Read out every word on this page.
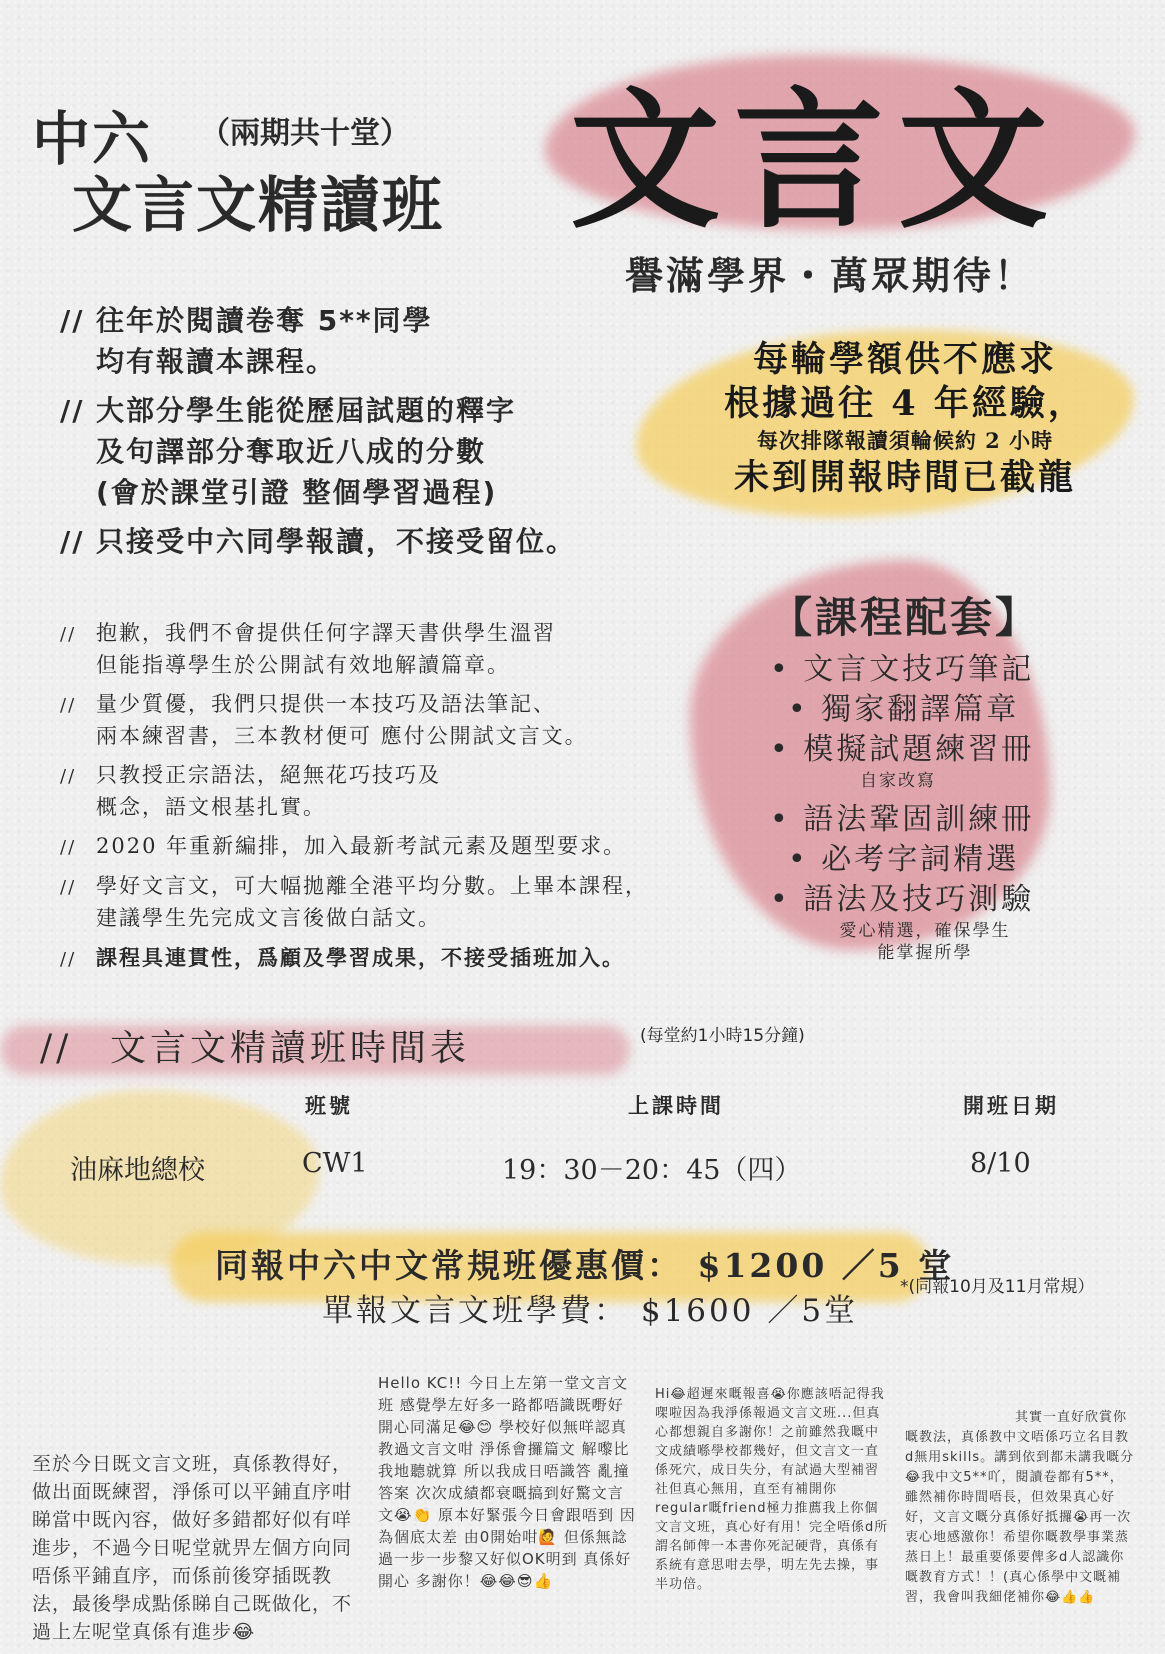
中六 （兩期共十堂）
文言文精讀班 文言文
譽滿學界・萬眾期待！
// 往年於閱讀卷奪 5**同學
均有報讀本課程。
// 大部分學生能從歷屆試題的釋字
及句譯部分奪取近八成的分數
(會於課堂引證 整個學習過程)
// 只接受中六同學報讀，不接受留位。
每輪學額供不應求
根據過往 4 年經驗，
每次排隊報讀須輪候約 2 小時
未到開報時間已截龍
// 抱歉，我們不會提供任何字譯天書供學生溫習
但能指導學生於公開試有效地解讀篇章。
// 量少質優，我們只提供一本技巧及語法筆記、
兩本練習書，三本教材便可 應付公開試文言文。
// 只教授正宗語法，絕無花巧技巧及
概念，語文根基扎實。
// 2020 年重新編排，加入最新考試元素及題型要求。
// 學好文言文，可大幅拋離全港平均分數。上畢本課程，
建議學生先完成文言後做白話文。
// 課程具連貫性，爲顧及學習成果，不接受插班加入。
【課程配套】
• 文言文技巧筆記
• 獨家翻譯篇章
• 模擬試題練習冊
自家改寫
• 語法鞏固訓練冊
• 必考字詞精選
• 語法及技巧測驗
愛心精選，確保學生
能掌握所學
// 文言文精讀班時間表	(每堂約1小時15分鐘)
班號	上課時間	開班日期
油麻地總校	CW1	19：30－20：45（四）	8/10
同報中六中文常規班優惠價： $1200 ／5 堂
單報文言文班學費： $1600 ／5堂
*(同報10月及11月常規）
至於今日既文言文班，真係教得好，做出面既練習，淨係可以平鋪直序咁睇當中既內容，做好多錯都好似有咩進步，不過今日呢堂就畀左個方向同唔係平鋪直序，而係前後穿插既教法，最後學成點係睇自己既做化，不過上左呢堂真係有進步😂
Hello KC!! 今日上左第一堂文言文班 感覺學左好多一路都唔識既嘢好開心同滿足😂😊 學校好似無咩認真教過文言文咁 淨係會攞篇文 解嚟比我地聽就算 所以我成日唔識答 亂撞答案 次次成績都衰嘅搞到好驚文言文😭👏 原本好緊張今日會跟唔到 因為個底太差 由0開始咁🙋 但係無諗過一步一步黎又好似OK明到 真係好開心 多謝你！😂😂😎👍
Hi😂超遲來嘅報喜😭你應該唔記得我㗎啦因為我淨係報過文言文班...但真心都想親自多謝你！之前雖然我嘅中文成績喺學校都幾好，但文言文一直係死穴，成日失分，有試過大型補習社但真心無用，直至有補開你regular嘅friend極力推薦我上你個文言文班，真心好有用！完全唔係d所謂名師俾一本書你死記硬背，真係有系統有意思咁去學，明左先去操，事半功倍。
其實一直好欣賞你嘅教法，真係教中文唔係巧立名目教d無用skills。講到依到都未講我嘅分😂我中文5**吖，閱讀卷都有5**，雖然補你時間唔長，但效果真心好好，文言文嘅分真係好抵攞😭再一次衷心地感激你！希望你嘅教學事業蒸蒸日上！最重要係要俾多d人認識你嘅教育方式！！(真心係學中文嘅補習，我會叫我細佬補你😂👍👍
